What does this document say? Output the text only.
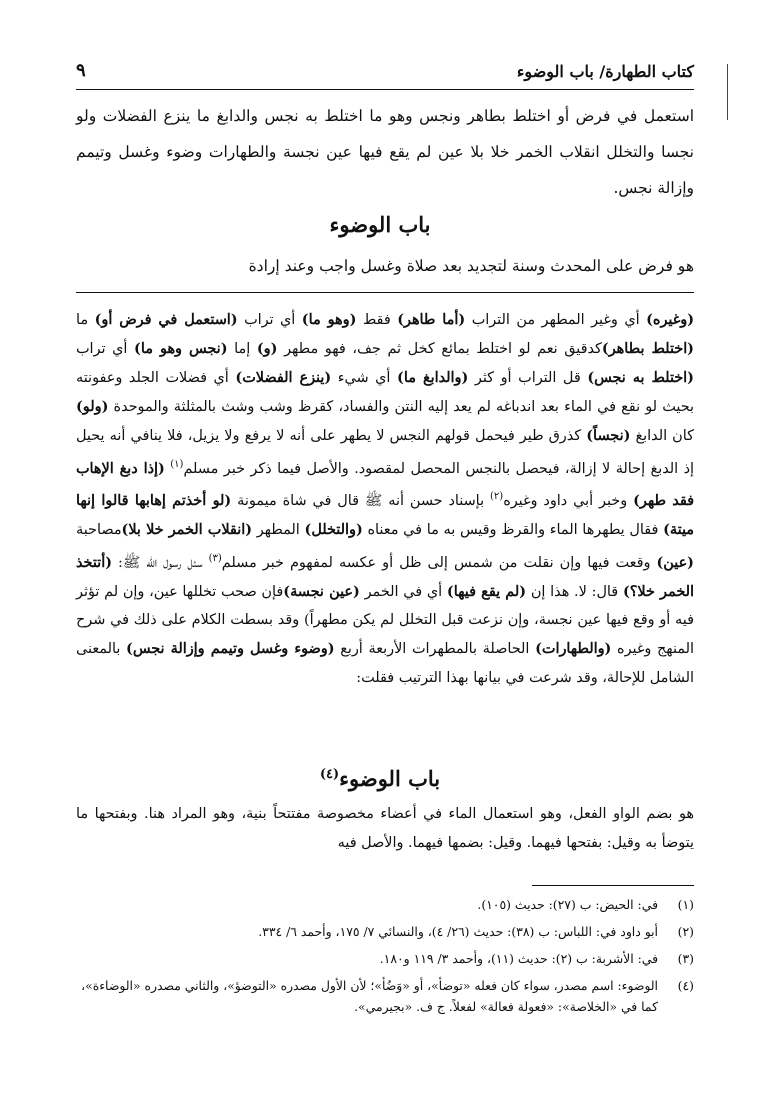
كتاب الطهارة/ باب الوضوء
٩
استعمل في فرض أو اختلط بطاهر ونجس وهو ما اختلط به نجس والدابغ ما ينزع الفضلات ولو نجسا والتخلل انقلاب الخمر خلا بلا عين لم يقع فيها عين نجسة والطهارات وضوء وغسل وتيمم وإزالة نجس.
باب الوضوء
هو فرض على المحدث وسنة لتجديد بعد صلاة وغسل واجب وعند إرادة
(وغيره) أي وغير المطهر من التراب (أما طاهر) فقط (وهو ما) أي تراب (استعمل في فرض أو) ما (اختلط بطاهر)كدقيق نعم لو اختلط بمائع كخل ثم جف، فهو مطهر (و) إما (نجس وهو ما) أي تراب (اختلط به نجس) قل التراب أو كثر (والدابغ ما) أي شيء (ينزع الفضلات) أي فضلات الجلد وعفونته بحيث لو نقع في الماء بعد اندباغه لم يعد إليه النتن والفساد، كقرظ وشب وشث بالمثلثة والموحدة (ولو) كان الدابغ (نجساً) كذرق طير فيحمل قولهم النجس لا يطهر على أنه لا يرفع ولا يزيل، فلا ينافي أنه يحيل إذ الدبغ إحالة لا إزالة، فيحصل بالنجس المحصل لمقصود. والأصل فيما ذكر خبر مسلم$^{(١)}$ (إذا دبغ الإهاب فقد طهر) وخبر أبي داود وغيره$^{(٢)}$ بإسناد حسن أنه ﷺ قال في شاة ميمونة (لو أخذتم إهابها قالوا إنها ميتة) فقال يطهرها الماء والقرظ وقيس به ما في معناه (والتخلل) المطهر (انقلاب الخمر خلا بلا)مصاحبة (عين) وقعت فيها وإن نقلت من شمس إلى ظل أو عكسه لمفهوم خبر مسلم$^{(٣)}$ سئل رسول الله ﷺ: (أتتخذ الخمر خلا؟) قال: لا. هذا إن (لم يقع فيها) أي في الخمر (عين نجسة)فإن صحب تخللها عين، وإن لم تؤثر فيه أو وقع فيها عين نجسة، وإن نزعت قبل التخلل لم يكن مطهراً) وقد بسطت الكلام على ذلك في شرح المنهج وغيره (والطهارات) الحاصلة بالمطهرات الأربعة أربع (وضوء وغسل وتيمم وإزالة نجس) بالمعنى الشامل للإحالة، وقد شرعت في بيانها بهذا الترتيب فقلت:
باب الوضوء$^{(٤)}$
هو بضم الواو الفعل، وهو استعمال الماء في أعضاء مخصوصة مفتتحاً بنية، وهو المراد هنا. وبفتحها ما يتوضأ به وقيل: بفتحها فيهما. وقيل: بضمها فيهما. والأصل فيه
(١)
في: الحيض: ب (٢٧): حديث (١٠٥).
(٢)
أبو داود في: اللباس: ب (٣٨): حديث (٢٦/ ٤)، والنسائي ٧/ ١٧٥، وأحمد ٦/ ٣٣٤.
(٣)
في: الأشربة: ب (٢): حديث (١١)، وأحمد ٣/ ١١٩ و١٨٠.
(٤)
الوضوء: اسم مصدر، سواء كان فعله «توضأ»، أو «وَضُأ»؛ لأن الأول مصدره «التوضؤ»، والثاني مصدره «الوضاءة»، كما في «الخلاصة»: «فعولة فعالة» لفعلاً. ج ف. «بجيرمي».
